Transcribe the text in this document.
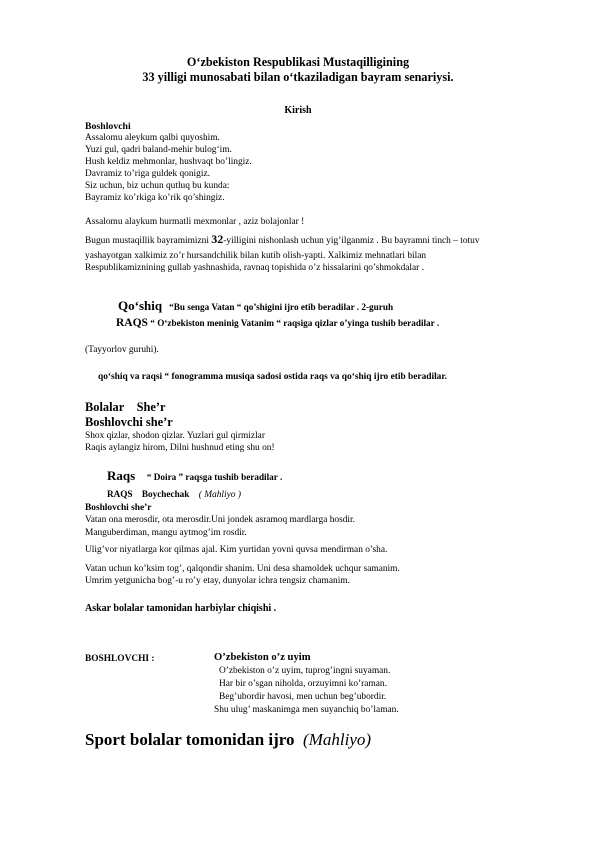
O‘zbekiston Respublikasi Mustaqilligining
33 yilligi munosabati bilan o‘tkaziladigan bayram senariysi.
Kirish
Boshlovchi
Assalomu aleykum qalbi quyoshim.
Yuzi gul, qadri baland-mehir bulog‘im.
Hush keldiz mehmonlar, hushvaqt bo’lingiz.
Davramiz to’riga guldek qonigiz.
Siz uchun, biz uchun qutluq bu kunda:
Bayramiz ko’rkiga ko’rik qo’shingiz.
Assalomu alaykum hurmatli mexmonlar , aziz bolajonlar !
Bugun mustaqillik bayramimizni 32-yilligini nishonlash uchun yig’ilganmiz . Bu bayramni tinch – totuv
yashayotgan xalkimiz zo’r hursandchilik bilan kutib olish-yapti. Xalkimiz mehnatlari bilan
Respublikamiznining gullab yashnashida, ravnaq topishida o’z hissalarini qo’shmokdalar .
Qo‘shiq “Bu senga Vatan “ qo’shigini ijro etib beradilar . 2-guruh
RAQS “ O‘zbekiston meninig Vatanim “ raqsiga qizlar o’yinga tushib beradilar .
(Tayyorlov guruhi).
qo‘shiq va raqsi “ fonogramma musiqa sadosi ostida raqs va qo‘shiq ijro etib beradilar.
Bolalar She’r
Boshlovchi she’r
Shox qizlar, shodon qizlar. Yuzlari gul qirmizlar
Raqis aylangiz hirom, Dilni hushnud eting shu on!
Raqs “ Doira ” raqsga tushib beradilar .
RAQS Boychechak ( Mahliyo )
Boshlovchi she’r
Vatan ona merosdir, ota merosdir.Uni jondek asramoq mardlarga hosdir.
Manguberdiman, mangu aytmog’im rosdir.
Ulig’vor niyatlarga kor qilmas ajal. Kim yurtidan yovni quvsa mendirman o’sha.
Vatan uchun ko’ksim tog’, qalqondir shanim. Uni desa shamoldek uchqur samanim.
Umrim yetgunicha bog’-u ro’y etay, dunyolar ichra tengsiz chamanim.
Askar bolalar tamonidan harbiylar chiqishi .
BOSHLOVCHI :	O’zbekiston o’z uyim
O’zbekiston o’z uyim, tuprog’ingni suyaman.
Har bir o’sgan niholda, orzuyimni ko’raman.
Beg’ubordir havosi, men uchun beg’ubordir.
Shu ulug’ maskanimga men suyanchiq bo’laman.
Sport bolalar tomonidan ijro (Mahliyo)
